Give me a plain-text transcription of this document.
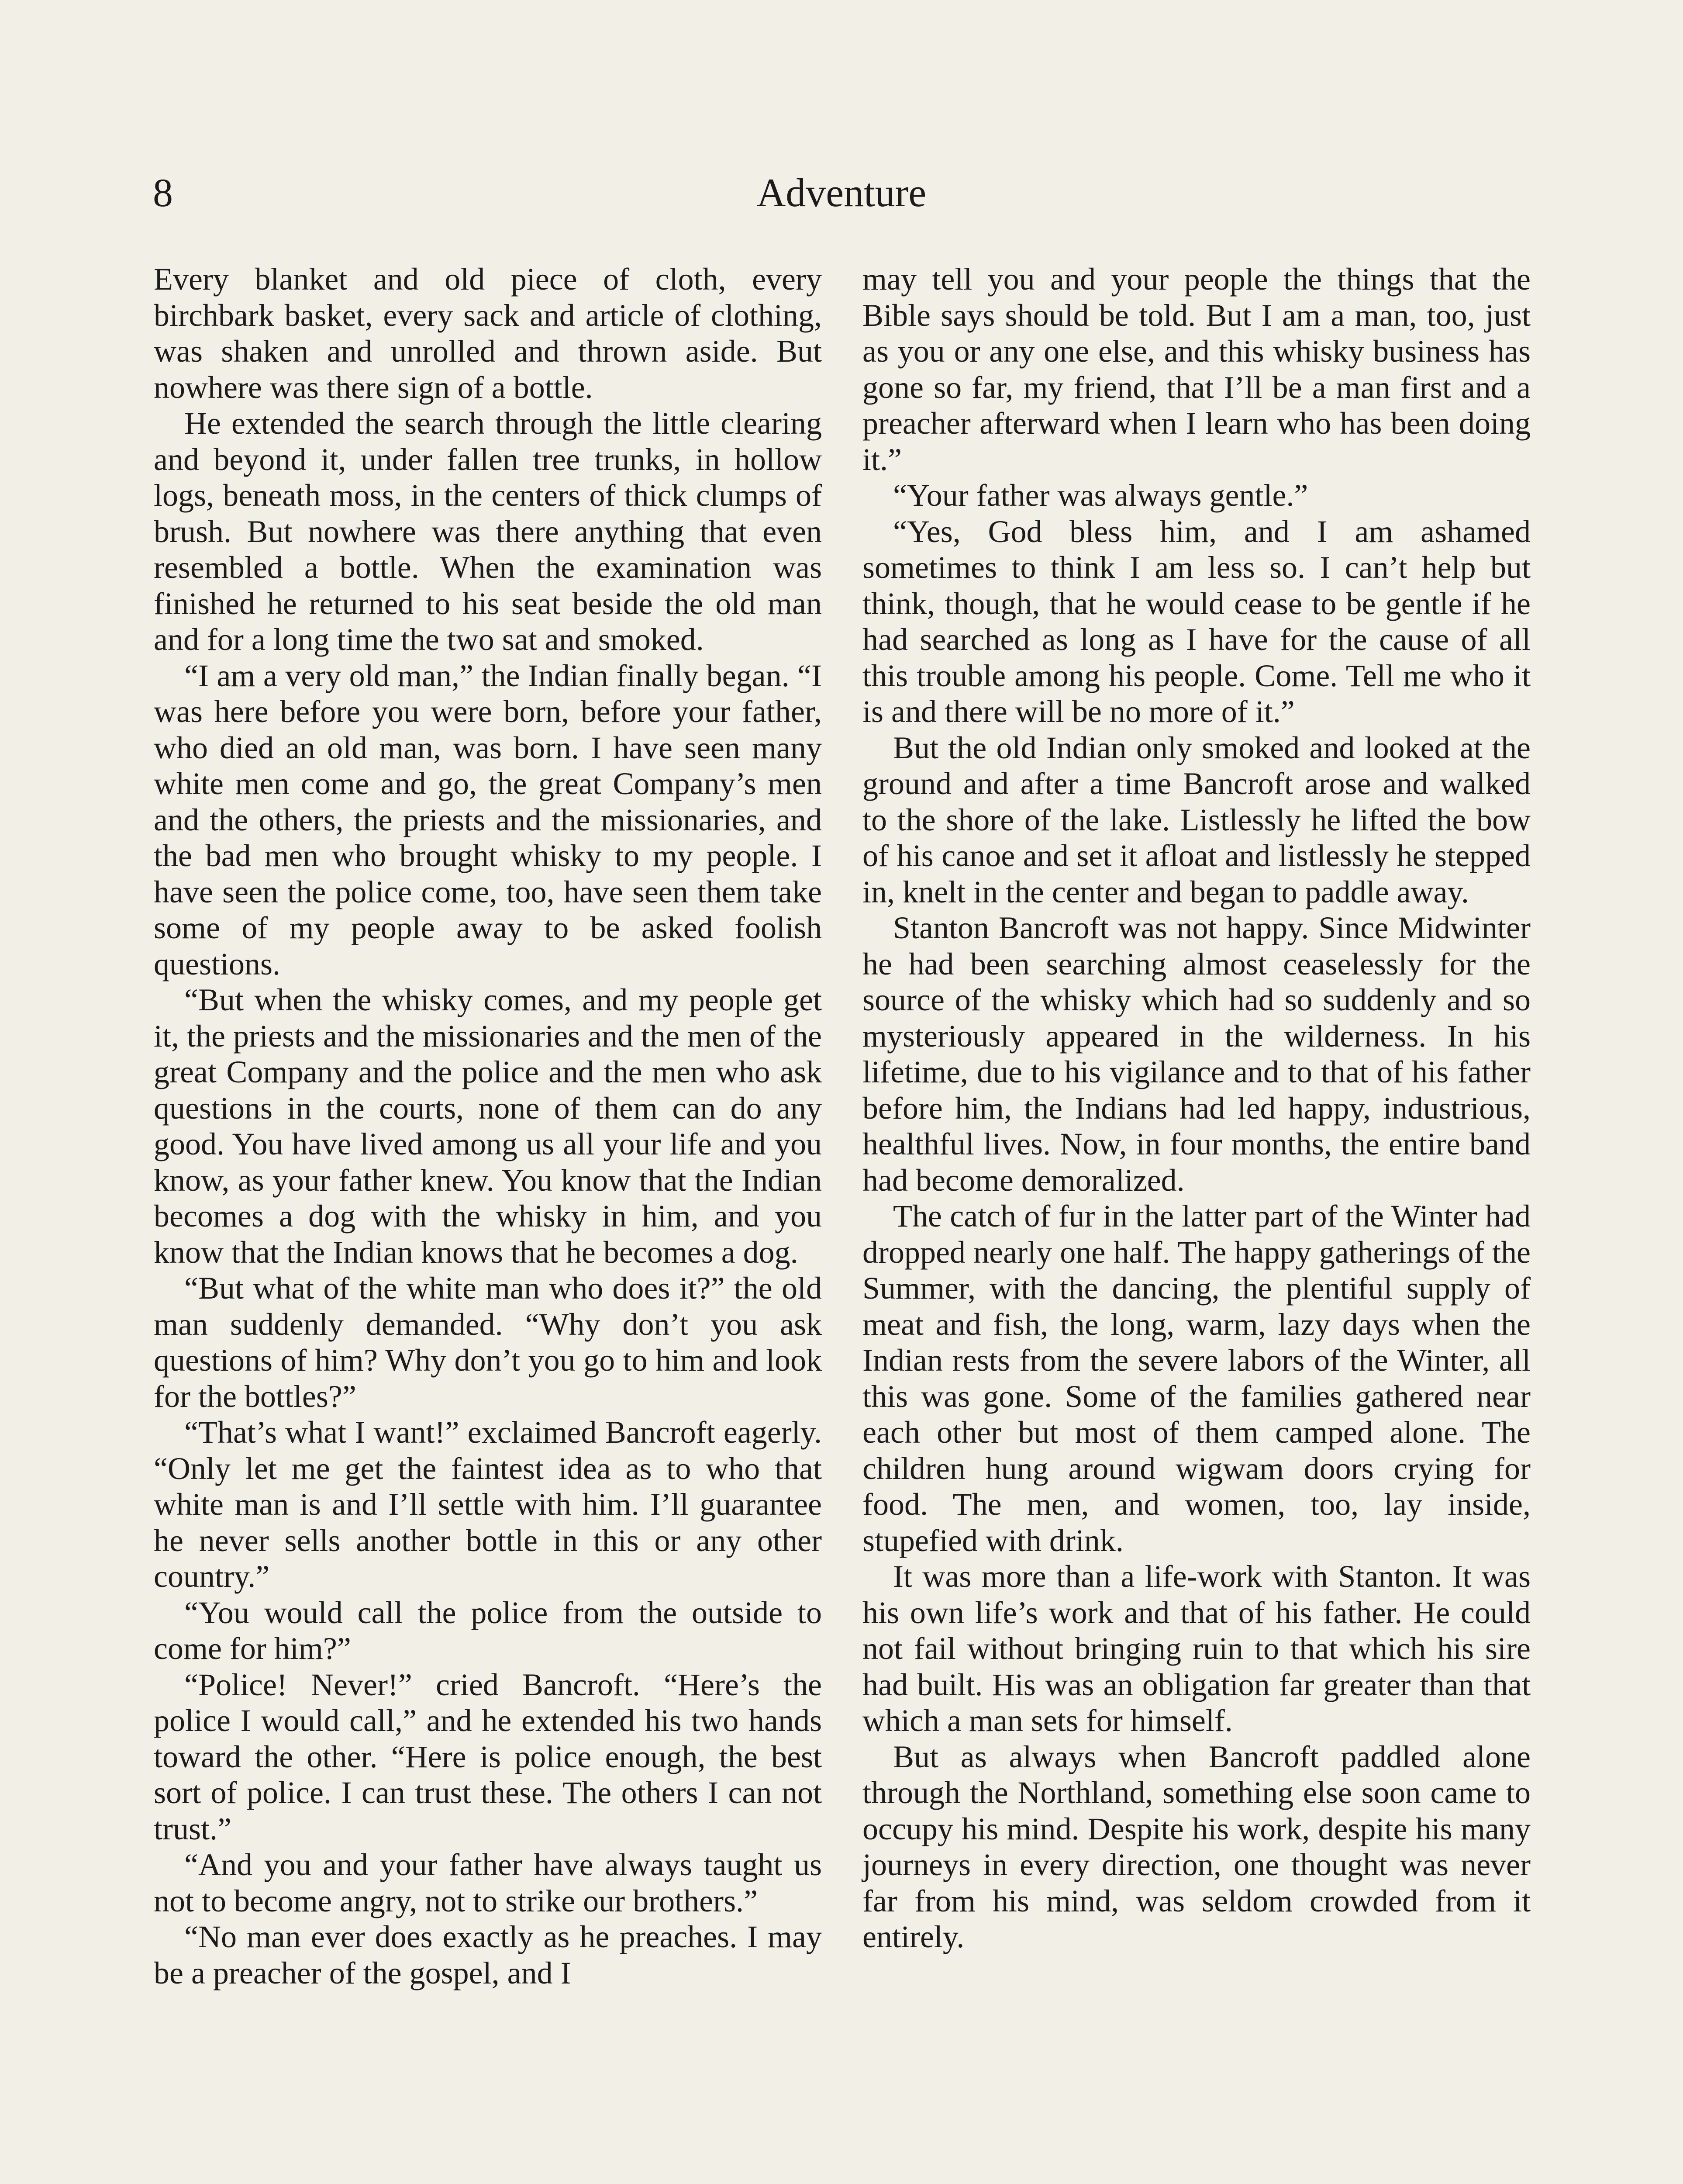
8	Adventure

Every blanket and old piece of cloth, every birchbark basket, every sack and article of clothing, was shaken and unrolled and thrown aside. But nowhere was there sign of a bottle.

He extended the search through the little clearing and beyond it, under fallen tree trunks, in hollow logs, beneath moss, in the centers of thick clumps of brush. But nowhere was there anything that even resembled a bottle. When the examination was finished he returned to his seat beside the old man and for a long time the two sat and smoked.

“I am a very old man,” the Indian finally began. “I was here before you were born, before your father, who died an old man, was born. I have seen many white men come and go, the great Company’s men and the others, the priests and the missionaries, and the bad men who brought whisky to my people. I have seen the police come, too, have seen them take some of my people away to be asked foolish questions.

“But when the whisky comes, and my people get it, the priests and the missionaries and the men of the great Company and the police and the men who ask questions in the courts, none of them can do any good. You have lived among us all your life and you know, as your father knew. You know that the Indian becomes a dog with the whisky in him, and you know that the Indian knows that he becomes a dog.

“But what of the white man who does it?” the old man suddenly demanded. “Why don’t you ask questions of him? Why don’t you go to him and look for the bottles?”

“That’s what I want!” exclaimed Bancroft eagerly. “Only let me get the faintest idea as to who that white man is and I’ll settle with him. I’ll guarantee he never sells another bottle in this or any other country.”

“You would call the police from the outside to come for him?”

“Police! Never!” cried Bancroft. “Here’s the police I would call,” and he extended his two hands toward the other. “Here is police enough, the best sort of police. I can trust these. The others I can not trust.”

“And you and your father have always taught us not to become angry, not to strike our brothers.”

“No man ever does exactly as he preaches. I may be a preacher of the gospel, and I

may tell you and your people the things that the Bible says should be told. But I am a man, too, just as you or any one else, and this whisky business has gone so far, my friend, that I’ll be a man first and a preacher afterward when I learn who has been doing it.”

“Your father was always gentle.”

“Yes, God bless him, and I am ashamed sometimes to think I am less so. I can’t help but think, though, that he would cease to be gentle if he had searched as long as I have for the cause of all this trouble among his people. Come. Tell me who it is and there will be no more of it.”

But the old Indian only smoked and looked at the ground and after a time Bancroft arose and walked to the shore of the lake. Listlessly he lifted the bow of his canoe and set it afloat and listlessly he stepped in, knelt in the center and began to paddle away.

Stanton Bancroft was not happy. Since Midwinter he had been searching almost ceaselessly for the source of the whisky which had so suddenly and so mysteriously appeared in the wilderness. In his lifetime, due to his vigilance and to that of his father before him, the Indians had led happy, industrious, healthful lives. Now, in four months, the entire band had become demoralized.

The catch of fur in the latter part of the Winter had dropped nearly one half. The happy gatherings of the Summer, with the dancing, the plentiful supply of meat and fish, the long, warm, lazy days when the Indian rests from the severe labors of the Winter, all this was gone. Some of the families gathered near each other but most of them camped alone. The children hung around wigwam doors crying for food. The men, and women, too, lay inside, stupefied with drink.

It was more than a life-work with Stanton. It was his own life’s work and that of his father. He could not fail without bringing ruin to that which his sire had built. His was an obligation far greater than that which a man sets for himself.

But as always when Bancroft paddled alone through the Northland, something else soon came to occupy his mind. Despite his work, despite his many journeys in every direction, one thought was never far from his mind, was seldom crowded from it entirely.
